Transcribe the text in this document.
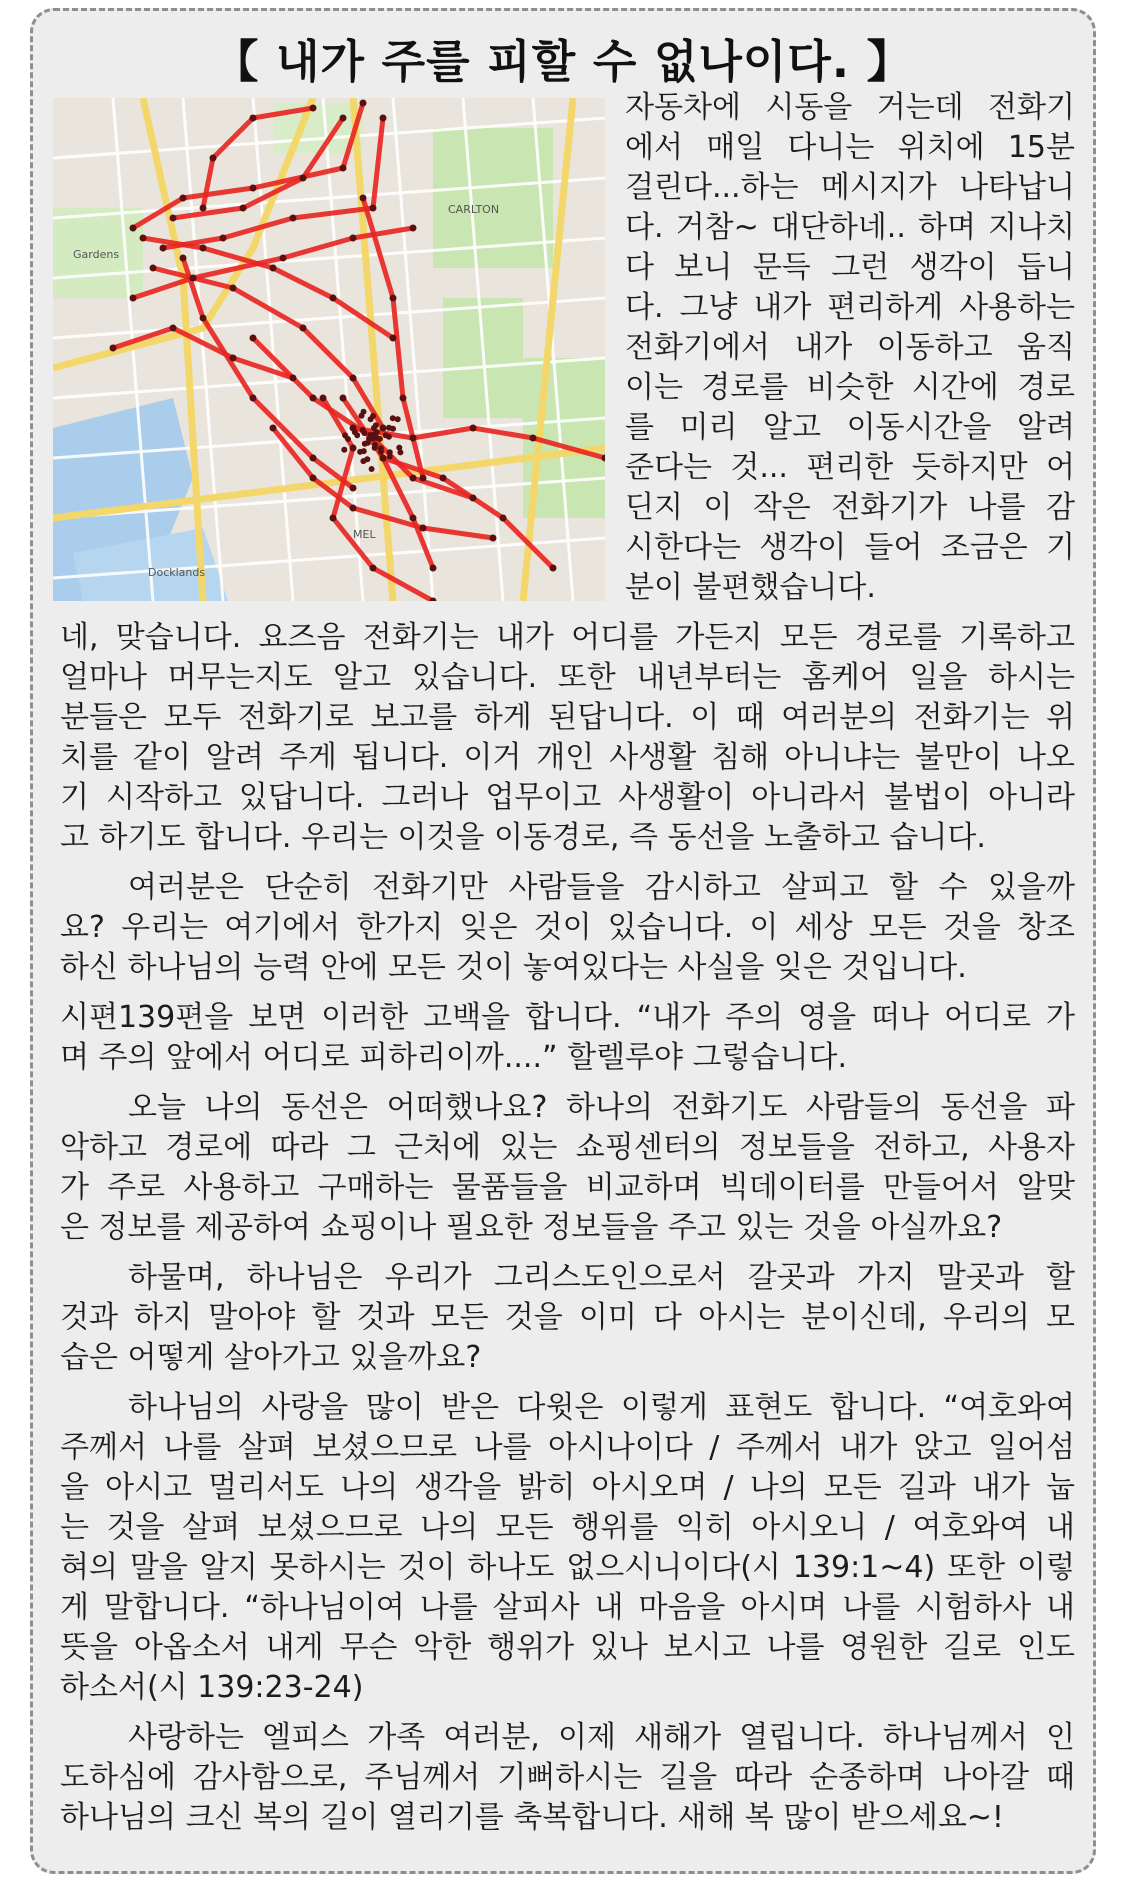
【 내가 주를 피할 수 없나이다. 】
CARLTON
MEL
Gardens
Docklands
자동차에 시동을 거는데 전화기
에서 매일 다니는 위치에 15분
걸린다...하는 메시지가 나타납니
다. 거참~ 대단하네.. 하며 지나치
다 보니 문득 그런 생각이 듭니
다. 그냥 내가 편리하게 사용하는
전화기에서 내가 이동하고 움직
이는 경로를 비슷한 시간에 경로
를 미리 알고 이동시간을 알려
준다는 것... 편리한 듯하지만 어
딘지 이 작은 전화기가 나를 감
시한다는 생각이 들어 조금은 기
분이 불편했습니다.
네, 맞습니다. 요즈음 전화기는 내가 어디를 가든지 모든 경로를 기록하고
얼마나 머무는지도 알고 있습니다. 또한 내년부터는 홈케어 일을 하시는
분들은 모두 전화기로 보고를 하게 된답니다. 이 때 여러분의 전화기는 위
치를 같이 알려 주게 됩니다. 이거 개인 사생활 침해 아니냐는 불만이 나오
기 시작하고 있답니다. 그러나 업무이고 사생활이 아니라서 불법이 아니라
고 하기도 합니다. 우리는 이것을 이동경로, 즉 동선을 노출하고 습니다.
여러분은 단순히 전화기만 사람들을 감시하고 살피고 할 수 있을까
요? 우리는 여기에서 한가지 잊은 것이 있습니다. 이 세상 모든 것을 창조
하신 하나님의 능력 안에 모든 것이 놓여있다는 사실을 잊은 것입니다.
시편139편을 보면 이러한 고백을 합니다. “내가 주의 영을 떠나 어디로 가
며 주의 앞에서 어디로 피하리이까....” 할렐루야 그렇습니다.
오늘 나의 동선은 어떠했나요? 하나의 전화기도 사람들의 동선을 파
악하고 경로에 따라 그 근처에 있는 쇼핑센터의 정보들을 전하고, 사용자
가 주로 사용하고 구매하는 물품들을 비교하며 빅데이터를 만들어서 알맞
은 정보를 제공하여 쇼핑이나 필요한 정보들을 주고 있는 것을 아실까요?
하물며, 하나님은 우리가 그리스도인으로서 갈곳과 가지 말곳과 할
것과 하지 말아야 할 것과 모든 것을 이미 다 아시는 분이신데, 우리의 모
습은 어떻게 살아가고 있을까요?
하나님의 사랑을 많이 받은 다윗은 이렇게 표현도 합니다. “여호와여
주께서 나를 살펴 보셨으므로 나를 아시나이다 / 주께서 내가 앉고 일어섬
을 아시고 멀리서도 나의 생각을 밝히 아시오며 / 나의 모든 길과 내가 눕
는 것을 살펴 보셨으므로 나의 모든 행위를 익히 아시오니 / 여호와여 내
혀의 말을 알지 못하시는 것이 하나도 없으시니이다(시 139:1~4) 또한 이렇
게 말합니다. “하나님이여 나를 살피사 내 마음을 아시며 나를 시험하사 내
뜻을 아옵소서 내게 무슨 악한 행위가 있나 보시고 나를 영원한 길로 인도
하소서(시 139:23-24)
사랑하는 엘피스 가족 여러분, 이제 새해가 열립니다. 하나님께서 인
도하심에 감사함으로, 주님께서 기뻐하시는 길을 따라 순종하며 나아갈 때
하나님의 크신 복의 길이 열리기를 축복합니다. 새해 복 많이 받으세요~!
